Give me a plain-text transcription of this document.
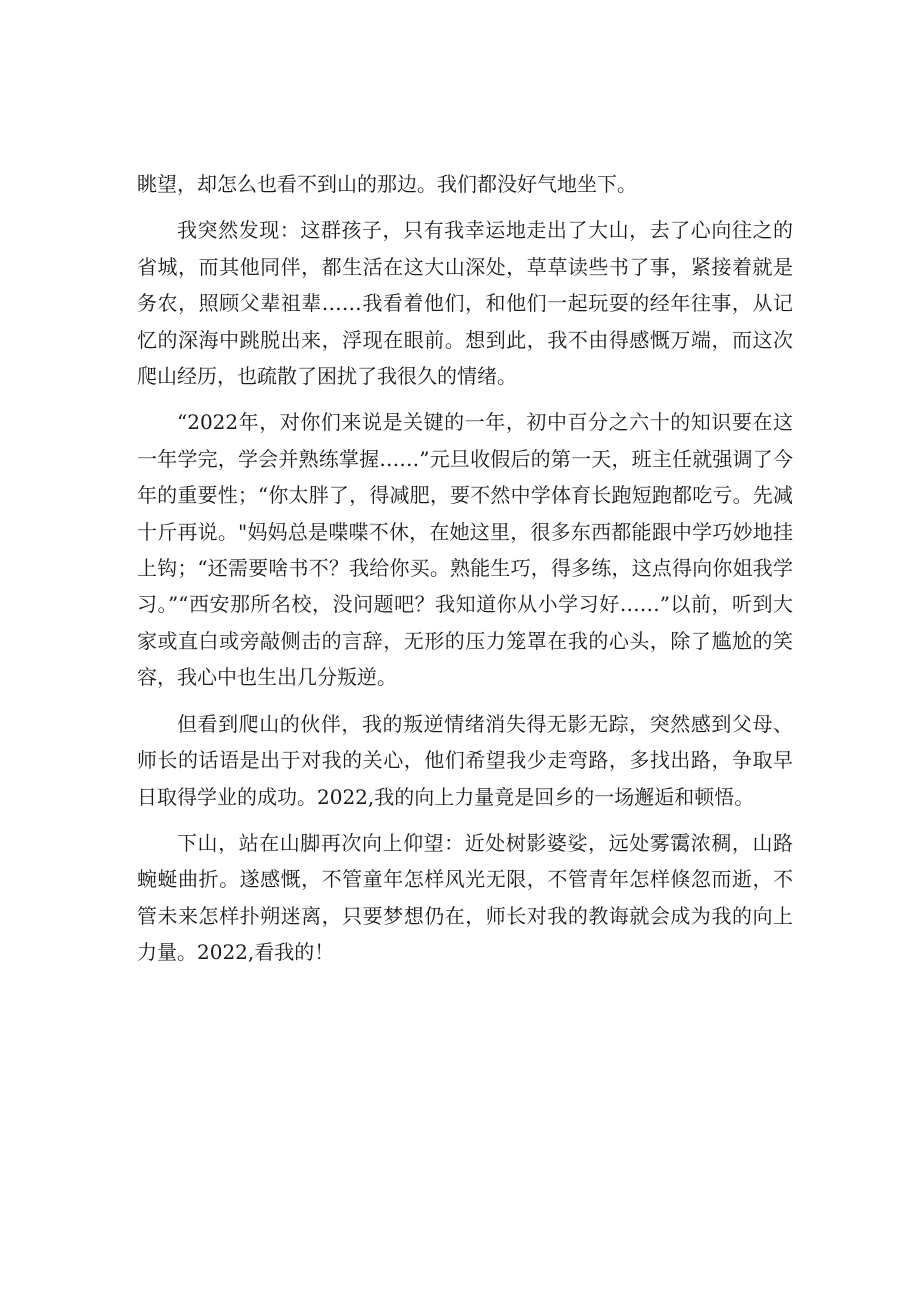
眺望，却怎么也看不到山的那边。我们都没好气地坐下。

我突然发现：这群孩子，只有我幸运地走出了大山，去了心向往之的省城，而其他同伴，都生活在这大山深处，草草读些书了事，紧接着就是务农，照顾父辈祖辈……我看着他们，和他们一起玩耍的经年往事，从记忆的深海中跳脱出来，浮现在眼前。想到此，我不由得感慨万端，而这次爬山经历，也疏散了困扰了我很久的情绪。

“2022年，对你们来说是关键的一年，初中百分之六十的知识要在这一年学完，学会并熟练掌握……”元旦收假后的第一天，班主任就强调了今年的重要性；“你太胖了，得减肥，要不然中学体育长跑短跑都吃亏。先减十斤再说。"妈妈总是喋喋不休，在她这里，很多东西都能跟中学巧妙地挂上钩；“还需要啥书不？我给你买。熟能生巧，得多练，这点得向你姐我学习。”“西安那所名校，没问题吧？我知道你从小学习好……”以前，听到大家或直白或旁敲侧击的言辞，无形的压力笼罩在我的心头，除了尴尬的笑容，我心中也生出几分叛逆。

但看到爬山的伙伴，我的叛逆情绪消失得无影无踪，突然感到父母、师长的话语是出于对我的关心，他们希望我少走弯路，多找出路，争取早日取得学业的成功。2022,我的向上力量竟是回乡的一场邂逅和顿悟。

下山，站在山脚再次向上仰望：近处树影婆娑，远处雾霭浓稠，山路蜿蜒曲折。遂感慨，不管童年怎样风光无限，不管青年怎样倏忽而逝，不管未来怎样扑朔迷离，只要梦想仍在，师长对我的教诲就会成为我的向上力量。2022,看我的！
